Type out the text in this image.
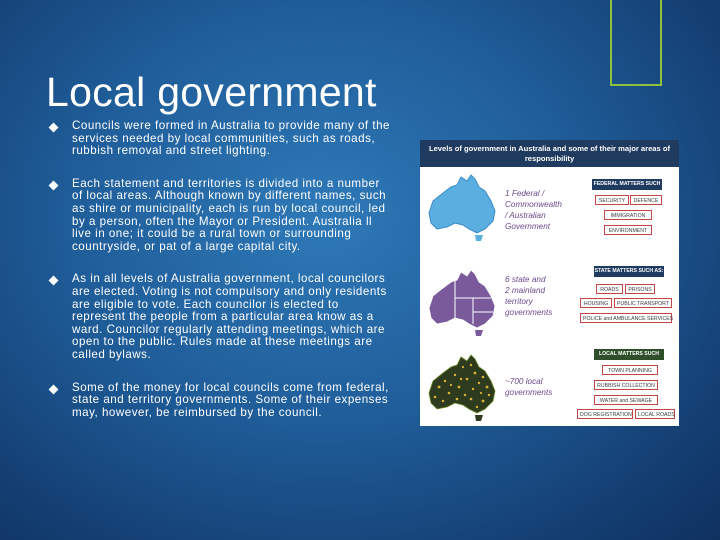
Local government
Councils were formed in Australia to provide many of the services needed by local communities, such as roads, rubbish removal and street lighting.
Each statement and territories is divided into a number of local areas. Although known by different names, such as shire or municipality, each is run by local council, led by a person, often the Mayor or President. Australia ll live in one; it could be a rural town or surrounding countryside, or pat of a large capital city.
As in all levels of Australia government, local councilors are elected. Voting is not compulsory and only residents are eligible to vote. Each councilor is elected to represent the people from a particular area know as a ward. Councilor regularly attending meetings, which are open to the public. Rules made at these meetings are called bylaws.
Some of the money for local councils come from federal, state and territory governments. Some of their expenses may, however, be reimbursed by the council.
Levels of government in Australia and some of their major areas of responsibility
1 Federal /
Commonwealth
/ Australian
Government
FEDERAL MATTERS SUCH
SECURITY	DEFENCE
IMMIGRATION
ENVIRONMENT
6 state and
2 mainland
territory
governments
STATE MATTERS SUCH AS:
ROADS	PRISONS
HOUSING	PUBLIC TRANSPORT
POLICE and AMBULANCE SERVICES
~700 local
governments
LOCAL MATTERS SUCH
TOWN PLANNING
RUBBISH COLLECTION
WATER and SEWAGE
DOG REGISTRATION	LOCAL ROADS
